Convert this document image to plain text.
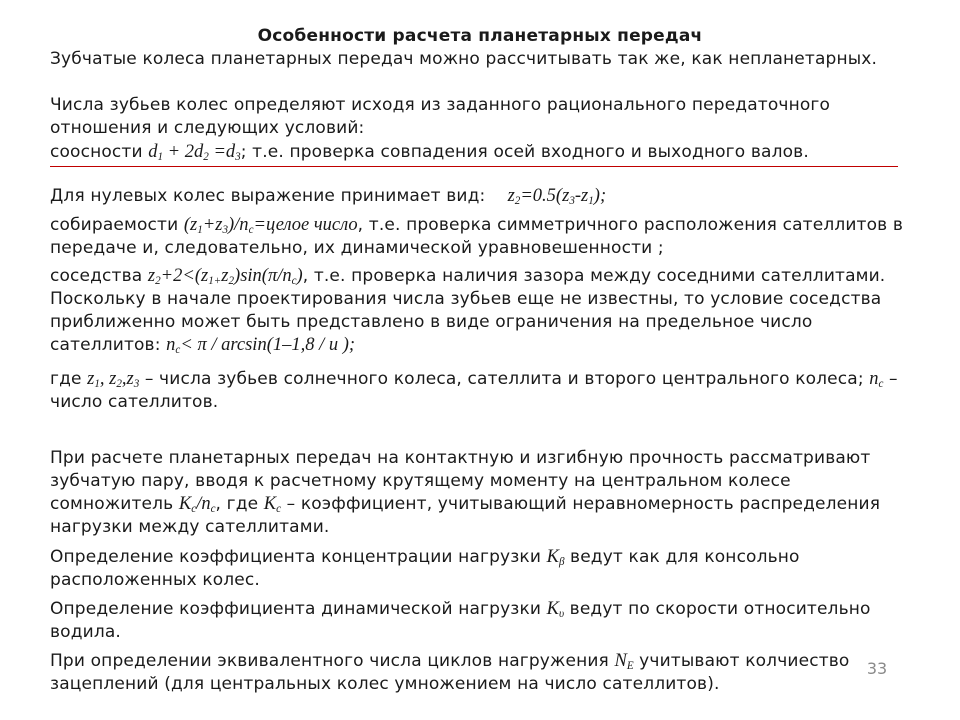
Особенности расчета планетарных передач
Зубчатые колеса планетарных передач можно рассчитывать так же, как непланетарных.
Числа зубьев колес определяют исходя из заданного рационального передаточного отношения и следующих условий:
соосности $d_1 + 2d_2 =d_3$; т.е. проверка совпадения осей входного и выходного валов.
Для нулевых колес выражение принимает вид: $z_2=0.5(z_3-z_1)$;
собираемости $(z_1+z_3)/n_c=целое$ число, т.е. проверка симметричного расположения сателлитов в передаче и, следовательно, их динамической уравновешенности ;
соседства $z_2+2<(z_{1+}z_2)\sin(\pi/n_c)$, т.е. проверка наличия зазора между соседними сателлитами. Поскольку в начале проектирования числа зубьев еще не известны, то условие соседства приближенно может быть представлено в виде ограничения на предельное число сателлитов: $n_c< \pi / \arcsin(1-1,8 / u$ );
где $z_1$, $z_2,z_3$ – числа зубьев солнечного колеса, сателлита и второго центрального колеса; $n_c$ – число сателлитов.
При расчете планетарных передач на контактную и изгибную прочность рассматривают зубчатую пару, вводя к расчетному крутящему моменту на центральном колесе сомножитель $K_c/n_c$, где $K_c$ – коэффициент, учитывающий неравномерность распределения нагрузки между сателлитами.
Определение коэффициента концентрации нагрузки $K_\beta$ ведут как для консольно расположенных колес.
Определение коэффициента динамической нагрузки $K_\upsilon$ ведут по скорости относительно водила.
При определении эквивалентного числа циклов нагружения $N_E$ учитывают колчиество зацеплений (для центральных колес умножением на число сателлитов).
33
